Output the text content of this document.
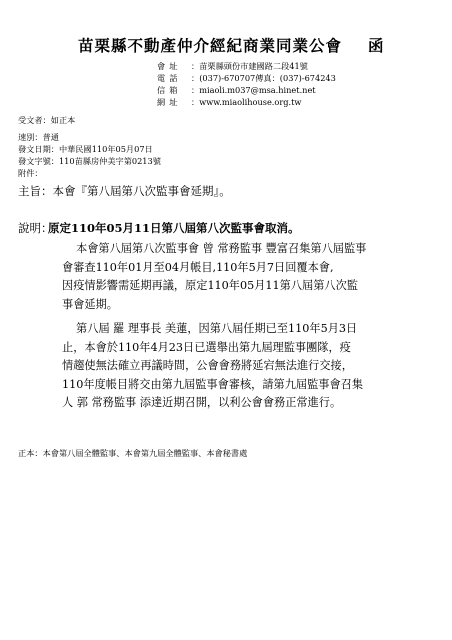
苗栗縣不動產仲介經紀商業同業公會 函
會址 ：苗栗縣頭份市建國路二段41號
電話 ：(037)-670707傳真：(037)-674243
信箱 ：miaoli.m037@msa.hinet.net
網址 ：www.miaolihouse.org.tw
受文者：如正本
速別：普通
發文日期：中華民國110年05月07日
發文字號：110苗縣房仲美字第0213號
附件：
主旨：本會『第八屆第八次監事會延期』。
說明：
原定110年05月11日第八屆第八次監事會取消。
本會第八屆第八次監事會 曾 常務監事 豐富召集第八屆監事
會審查110年01月至04月帳目,110年5月7日回覆本會,
因疫情影響需延期再議，原定110年05月11第八屆第八次監
事會延期。
第八屆 羅 理事長 美蓮，因第八屆任期已至110年5月3日
止，本會於110年4月23日已選舉出第九屆理監事團隊，疫
情趨使無法確立再議時間，公會會務將延宕無法進行交接，
110年度帳目將交由第九屆監事會審核，請第九屆監事會召集
人 郭 常務監事 添達近期召開，以利公會會務正常進行。
正本：本會第八屆全體監事、本會第九屆全體監事、本會秘書處
